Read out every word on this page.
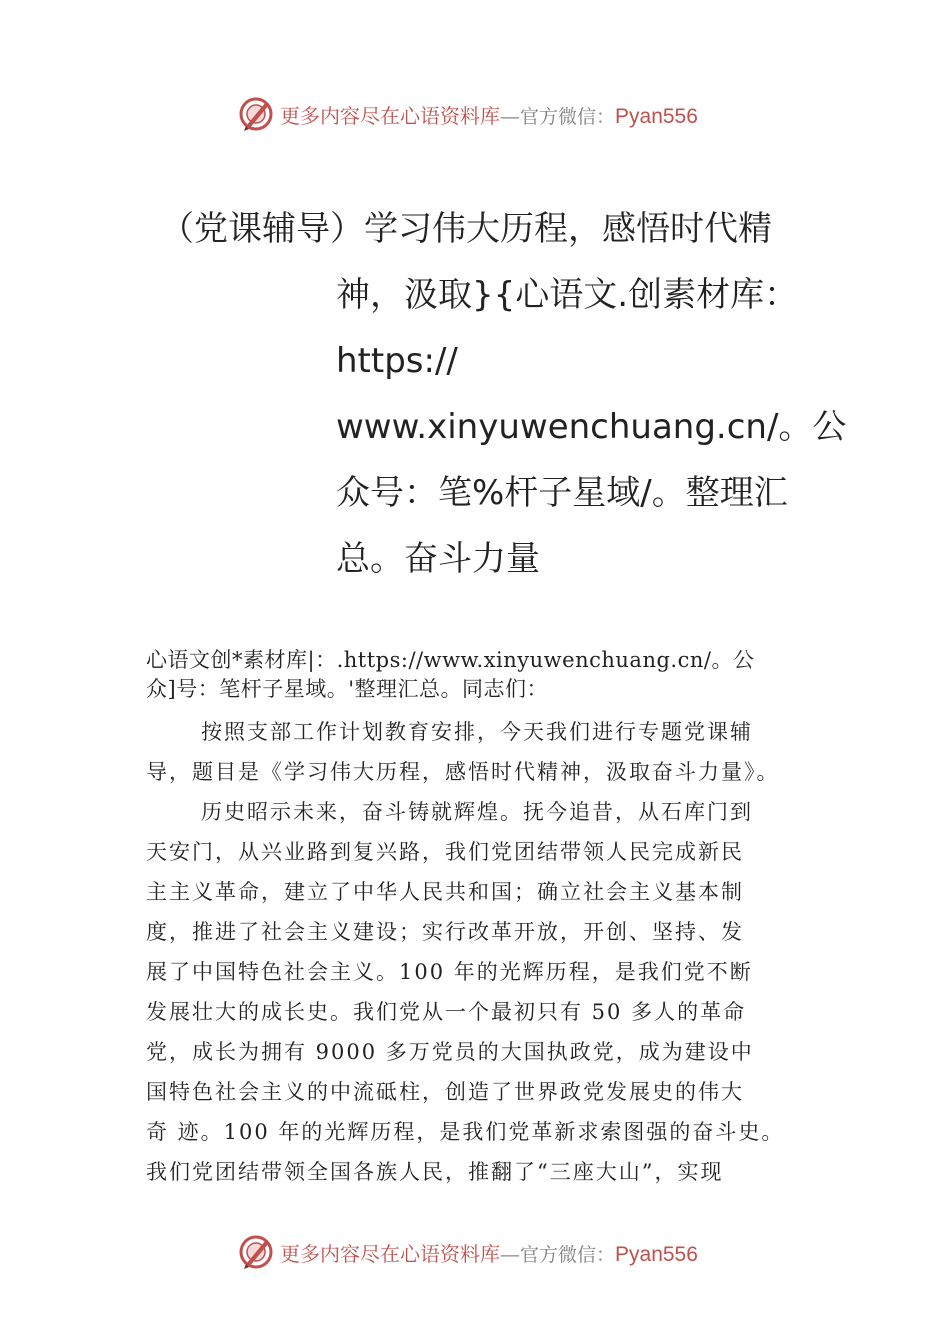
更多内容尽在心语资料库—官方微信：Pyan556
（党课辅导）学习伟大历程，感悟时代精
神，汲取}{心语文.创素材库：
https://
www.xinyuwenchuang.cn/。公
众号：笔%杆子星域/。整理汇
总。奋斗力量
心语文创*素材库|：.https://www.xinyuwenchuang.cn/。公
众]号：笔杆子星域。'整理汇总。同志们：
按照支部工作计划教育安排，今天我们进行专题党课辅
导，题目是《学习伟大历程，感悟时代精神，汲取奋斗力量》。
历史昭示未来，奋斗铸就辉煌。抚今追昔，从石库门到
天安门，从兴业路到复兴路，我们党团结带领人民完成新民
主主义革命，建立了中华人民共和国；确立社会主义基本制
度，推进了社会主义建设；实行改革开放，开创、坚持、发
展了中国特色社会主义。100 年的光辉历程，是我们党不断
发展壮大的成长史。我们党从一个最初只有 50 多人的革命
党，成长为拥有 9000 多万党员的大国执政党，成为建设中
国特色社会主义的中流砥柱，创造了世界政党发展史的伟大
奇 迹。100 年的光辉历程，是我们党革新求索图强的奋斗史。
我们党团结带领全国各族人民，推翻了“三座大山”，实现
更多内容尽在心语资料库—官方微信：Pyan556
